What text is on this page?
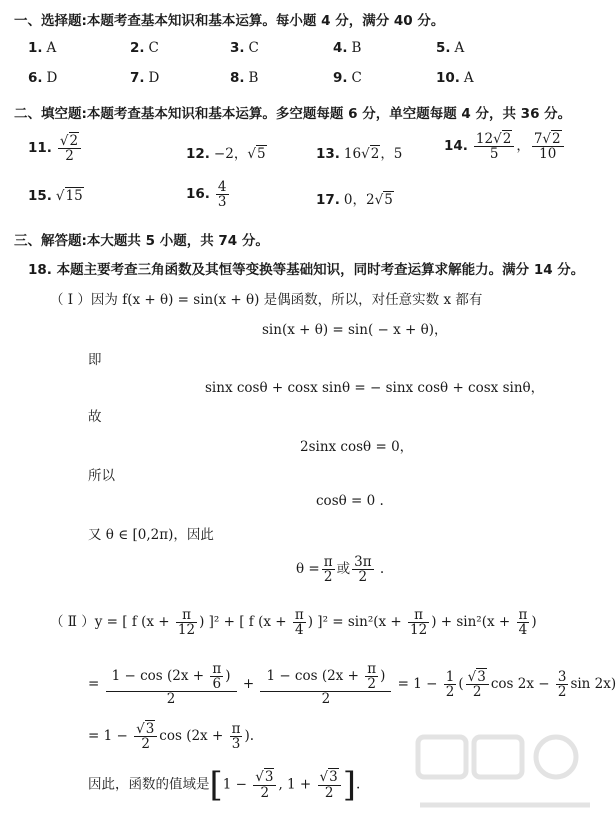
一、选择题:本题考查基本知识和基本运算。每小题 4 分，满分 40 分。
1. A	2. C	3. C	4. B	5. A
6. D	7. D	8. B	9. C	10. A
二、填空题:本题考查基本知识和基本运算。多空题每题 6 分，单空题每题 4 分，共 36 分。
11. $\frac{√2}{2}$	12. −2，√5	13. 16√2，5	14. $\frac{12√2}{5}$ ， $\frac{7√2}{10}$
15. √15	16. $\frac{4}{3}$	17. 0，2√5
三、解答题:本大题共 5 小题，共 74 分。
18. 本题主要考查三角函数及其恒等变换等基础知识，同时考查运算求解能力。满分 14 分。
（ Ⅰ ）因为 f(x + θ) = sin(x + θ) 是偶函数，所以，对任意实数 x 都有
sin(x + θ) = sin( − x + θ)，
即
sinx cosθ + cosx sinθ = − sinx cosθ + cosx sinθ，
故
2sinx cosθ = 0，
所以
cosθ = 0 .
又 θ ∈ [0,2π)，因此
$\theta = \frac{\pi}{2}$ 或 $\frac{3\pi}{2}$ .
（ Ⅱ ）y = [ f ($x + \frac{\pi}{12}$ ) ]² + [ f ($x + \frac{\pi}{4}$ ) ]$^2 = \sin^2(x + \frac{\pi}{12}$ ) + $\sin^2(x + \frac{\pi}{4}$ )
= $\frac{1 - \cos (2x + \frac{\pi}{6} )}{2} + \frac{1 - \cos (2x + \frac{\pi}{2} )}{2} = 1 - \frac{1}{2}$ ( $\frac{√3}{2}$ $\cos 2x - \frac{3}{2}$ sin 2x)
= $1 - \frac{√3}{2}$ $\cos (2x + \frac{\pi}{3}$ ).
因此，函数的值域是[$1 - \frac{√3}{2}$ , $1 + \frac{√3}{2}$ ].
